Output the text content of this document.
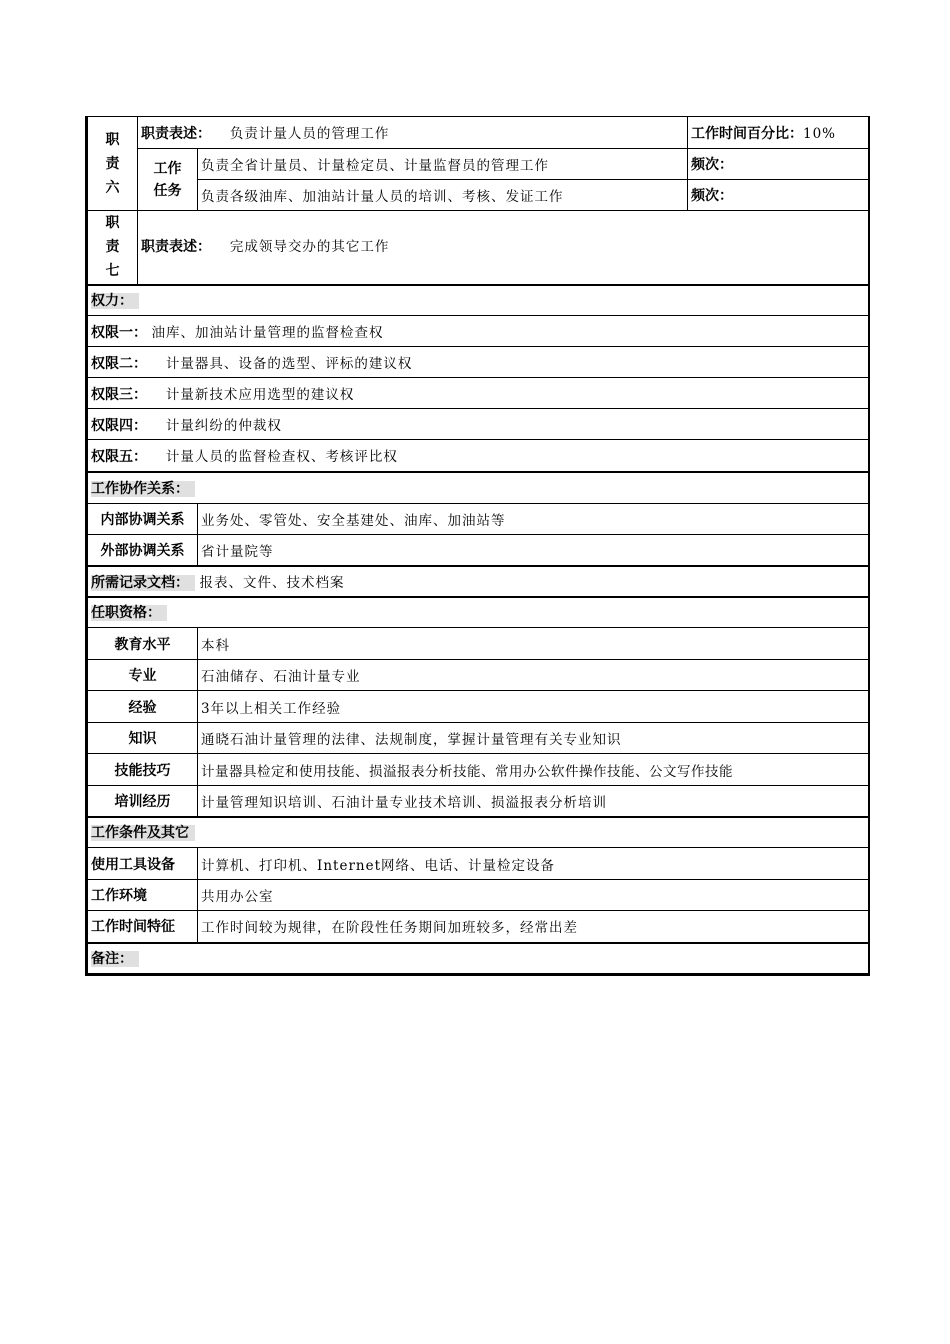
职责六	职责表述： 负责计量人员的管理工作		工作时间百分比：10%

	工作任务	负责全省计量员、计量检定员、计量监督员的管理工作	频次：
		负责各级油库、加油站计量人员的培训、考核、发证工作	频次：

职责七	职责表述： 完成领导交办的其它工作		
权力：			
权限一： 油库、加油站计量管理的监督检查权			
权限二： 计量器具、设备的选型、评标的建议权			
权限三： 计量新技术应用选型的建议权			
权限四： 计量纠纷的仲裁权			
权限五： 计量人员的监督检查权、考核评比权			
工作协作关系：			
内部协调关系		业务处、零管处、安全基建处、油库、加油站等	
外部协调关系		省计量院等	
所需记录文档： 报表、文件、技术档案			
任职资格：			
教育水平		本科	
专业		石油储存、石油计量专业	
经验		3年以上相关工作经验	
知识		通晓石油计量管理的法律、法规制度，掌握计量管理有关专业知识	
技能技巧		计量器具检定和使用技能、损溢报表分析技能、常用办公软件操作技能、公文写作技能	
培训经历		计量管理知识培训、石油计量专业技术培训、损溢报表分析培训	
工作条件及其它			
使用工具设备		计算机、打印机、Internet网络、电话、计量检定设备	
工作环境		共用办公室	
工作时间特征		工作时间较为规律，在阶段性任务期间加班较多，经常出差	
备注：			
